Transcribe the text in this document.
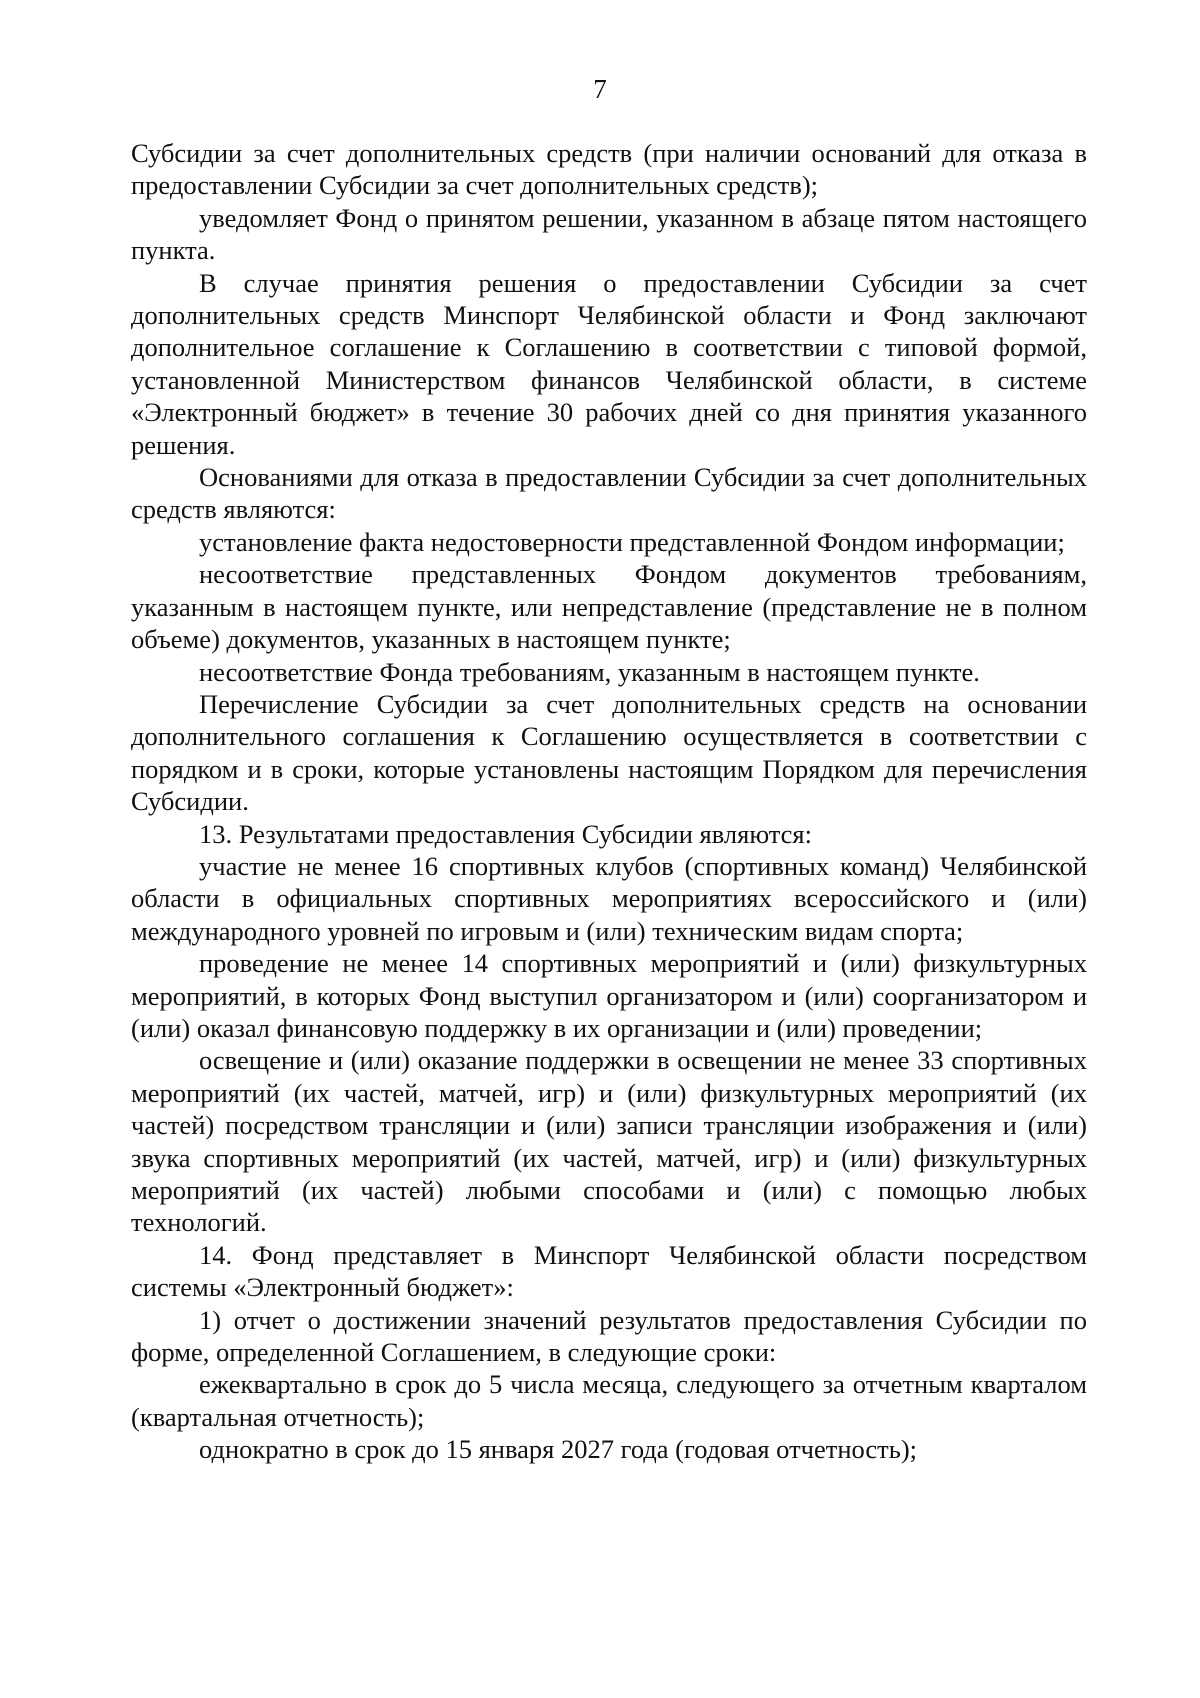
7

Субсидии за счет дополнительных средств (при наличии оснований для отказа в предоставлении Субсидии за счет дополнительных средств);

уведомляет Фонд о принятом решении, указанном в абзаце пятом настоящего пункта.

В случае принятия решения о предоставлении Субсидии за счет дополнительных средств Минспорт Челябинской области и Фонд заключают дополнительное соглашение к Соглашению в соответствии с типовой формой, установленной Министерством финансов Челябинской области, в системе «Электронный бюджет» в течение 30 рабочих дней со дня принятия указанного решения.

Основаниями для отказа в предоставлении Субсидии за счет дополнительных средств являются:

установление факта недостоверности представленной Фондом информации;

несоответствие представленных Фондом документов требованиям, указанным в настоящем пункте, или непредставление (представление не в полном объеме) документов, указанных в настоящем пункте;

несоответствие Фонда требованиям, указанным в настоящем пункте.

Перечисление Субсидии за счет дополнительных средств на основании дополнительного соглашения к Соглашению осуществляется в соответствии с порядком и в сроки, которые установлены настоящим Порядком для перечисления Субсидии.

13. Результатами предоставления Субсидии являются:

участие не менее 16 спортивных клубов (спортивных команд) Челябинской области в официальных спортивных мероприятиях всероссийского и (или) международного уровней по игровым и (или) техническим видам спорта;

проведение не менее 14 спортивных мероприятий и (или) физкультурных мероприятий, в которых Фонд выступил организатором и (или) соорганизатором и (или) оказал финансовую поддержку в их организации и (или) проведении;

освещение и (или) оказание поддержки в освещении не менее 33 спортивных мероприятий (их частей, матчей, игр) и (или) физкультурных мероприятий (их частей) посредством трансляции и (или) записи трансляции изображения и (или) звука спортивных мероприятий (их частей, матчей, игр) и (или) физкультурных мероприятий (их частей) любыми способами и (или) с помощью любых технологий.

14. Фонд представляет в Минспорт Челябинской области посредством системы «Электронный бюджет»:

1) отчет о достижении значений результатов предоставления Субсидии по форме, определенной Соглашением, в следующие сроки:

ежеквартально в срок до 5 числа месяца, следующего за отчетным кварталом (квартальная отчетность);

однократно в срок до 15 января 2027 года (годовая отчетность);
